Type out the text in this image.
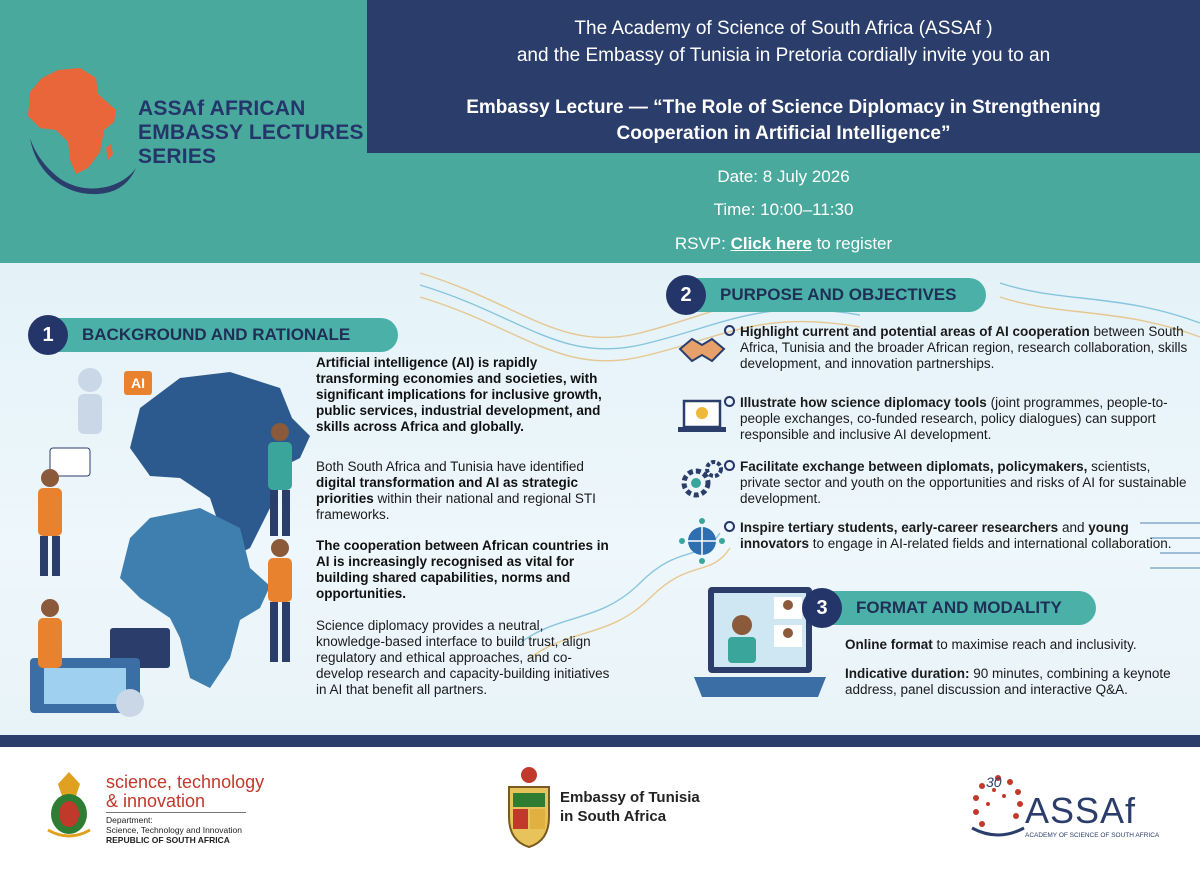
ASSAf AFRICAN
EMBASSY LECTURES
SERIES
The Academy of Science of South Africa (ASSAf )
and the Embassy of Tunisia in Pretoria cordially invite you to an
Embassy Lecture — “The Role of Science Diplomacy in Strengthening
Cooperation in Artificial Intelligence”
Date: 8 July 2026
Time: 10:00–11:30
RSVP: Click here to register
1	BACKGROUND AND RATIONALE
AI
Artificial intelligence (AI) is rapidly transforming economies and societies, with significant implications for inclusive growth, public services, industrial development, and skills across Africa and globally.
Both South Africa and Tunisia have identified digital transformation and AI as strategic priorities within their national and regional STI frameworks.
The cooperation between African countries in AI is increasingly recognised as vital for building shared capabilities, norms and opportunities.
Science diplomacy provides a neutral, knowledge-based interface to build trust, align regulatory and ethical approaches, and co-develop research and capacity-building initiatives in AI that benefit all partners.
2	PURPOSE AND OBJECTIVES
Highlight current and potential areas of AI cooperation between South Africa, Tunisia and the broader African region, research collaboration, skills development, and innovation partnerships.
Illustrate how science diplomacy tools (joint programmes, people-to-people exchanges, co-funded research, policy dialogues) can support responsible and inclusive AI development.
Facilitate exchange between diplomats, policymakers, scientists, private sector and youth on the opportunities and risks of AI for sustainable development.
Inspire tertiary students, early-career researchers and young innovators to engage in AI-related fields and international collaboration.
3	FORMAT AND MODALITY
Online format to maximise reach and inclusivity.
Indicative duration: 90 minutes, combining a keynote address, panel discussion and interactive Q&A.
science, technology
& innovation
Department:
Science, Technology and Innovation
REPUBLIC OF SOUTH AFRICA
Embassy of Tunisia
in South Africa
30
ASSAf
ACADEMY OF SCIENCE OF SOUTH AFRICA
